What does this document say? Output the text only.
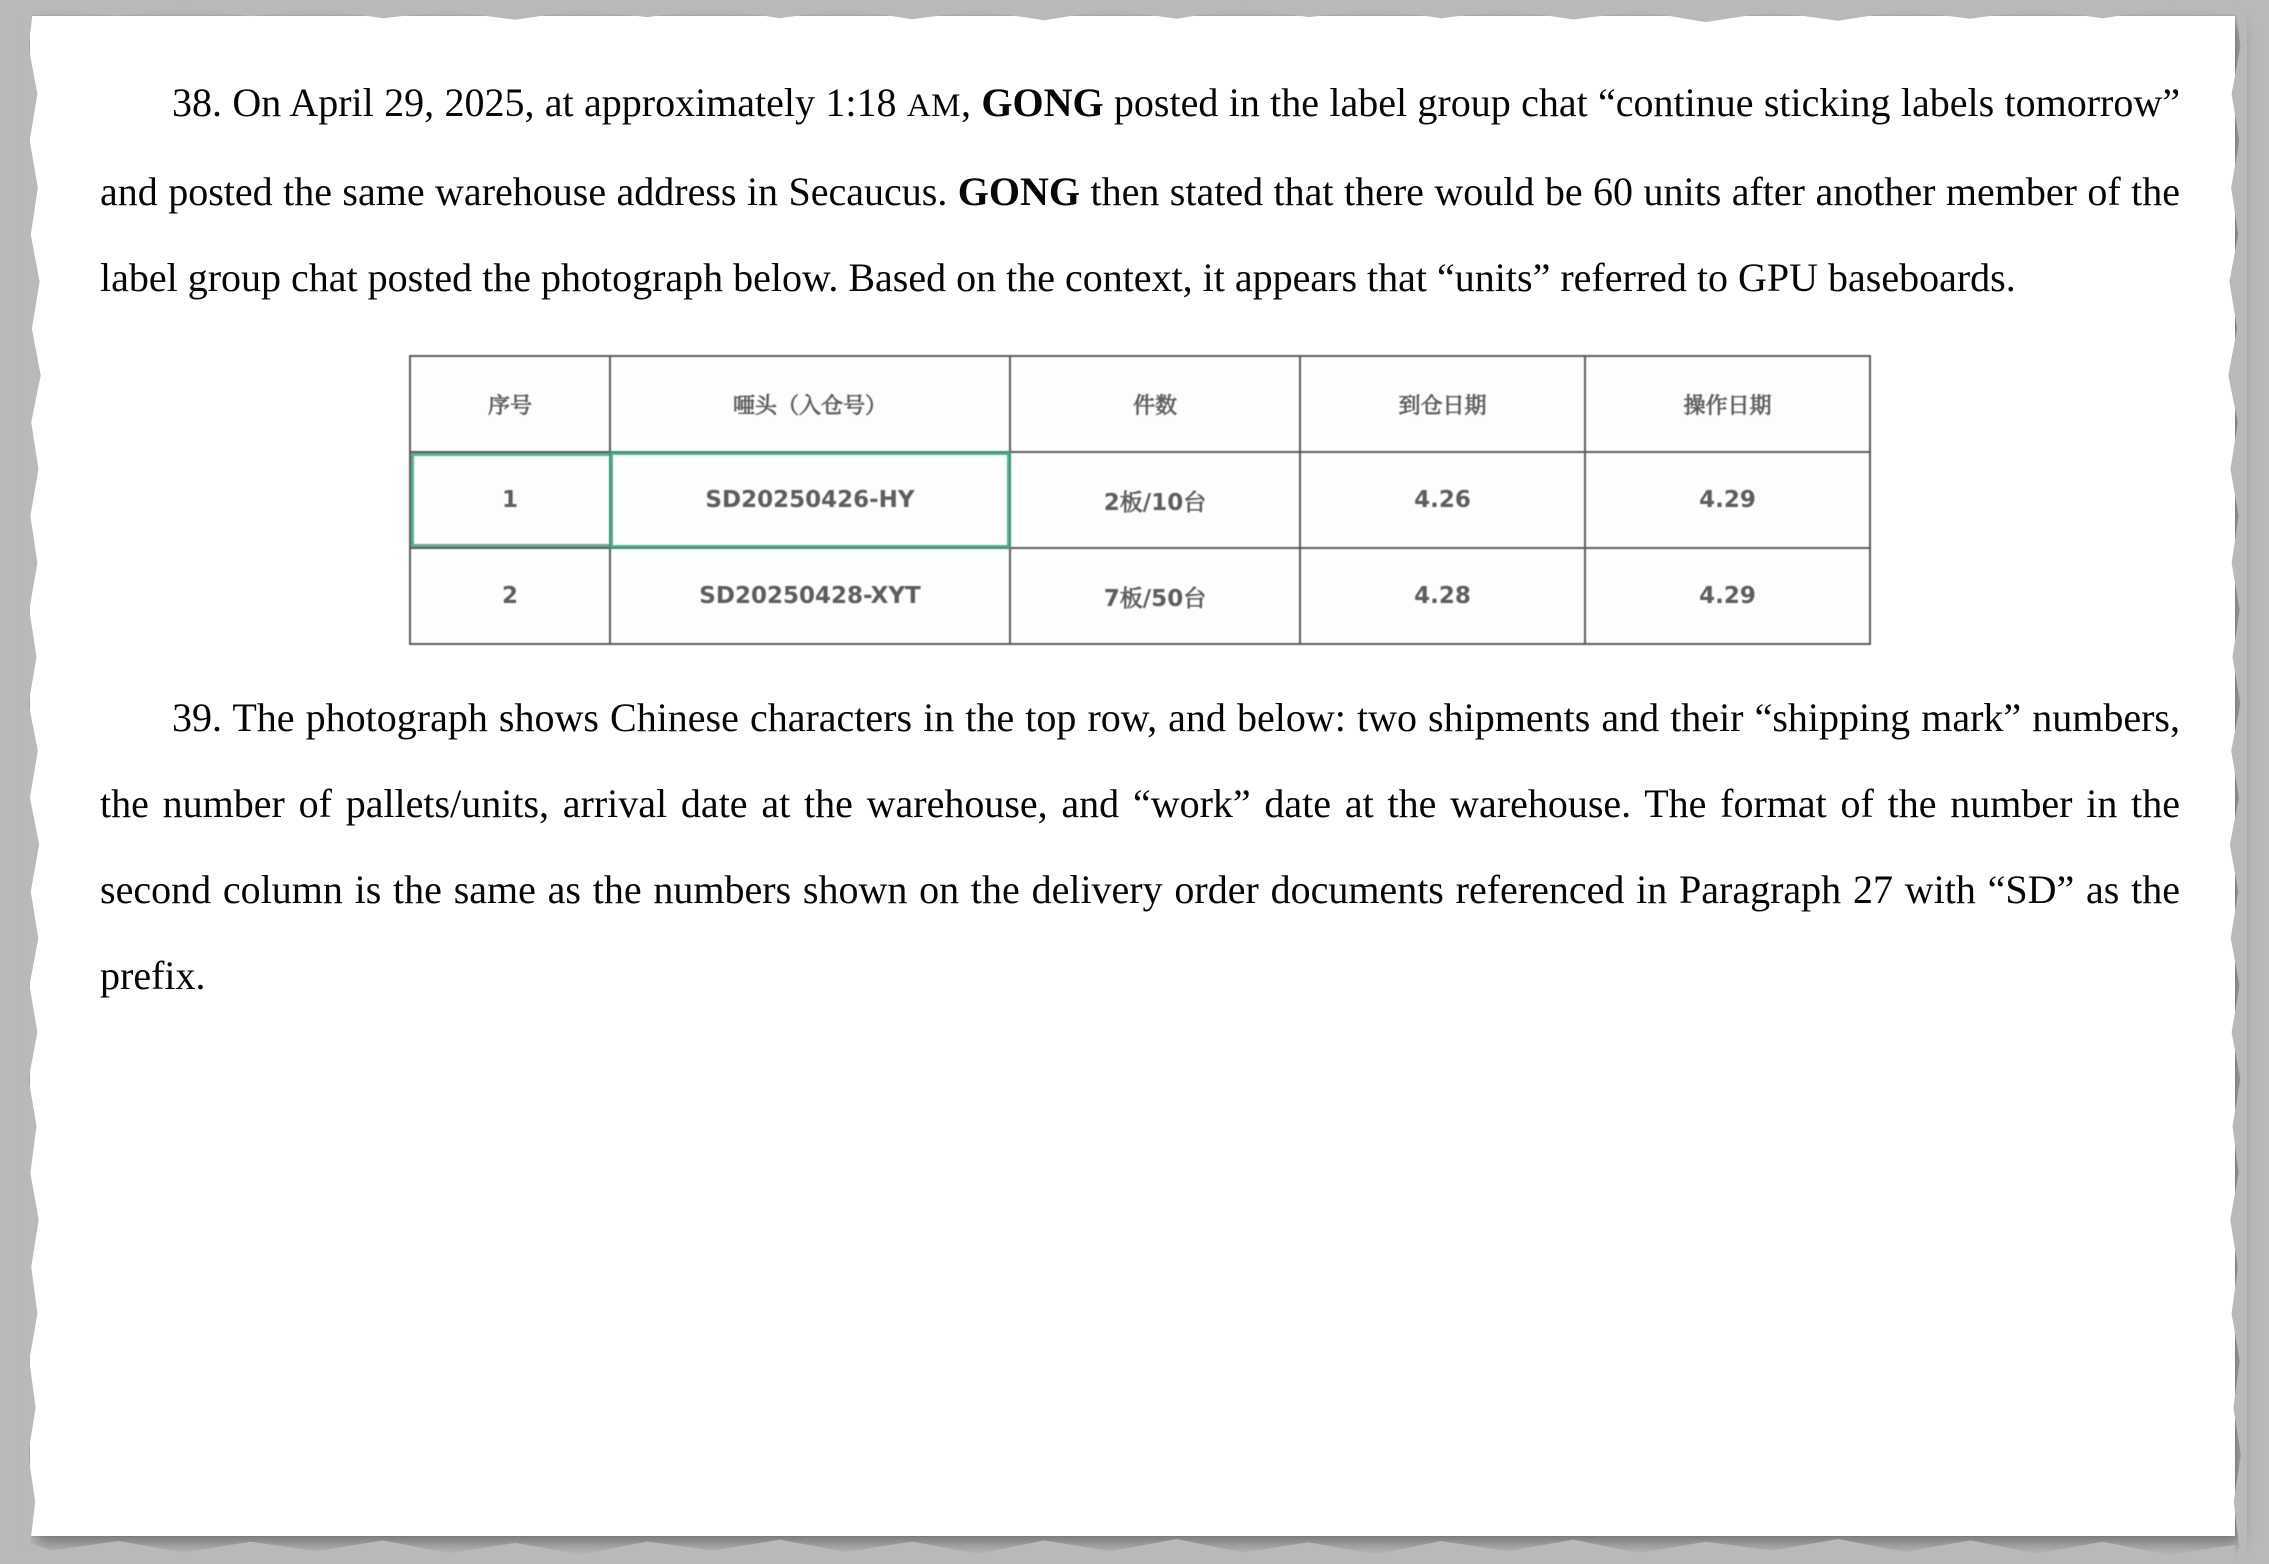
38. On April 29, 2025, at approximately 1:18 AM, GONG posted in the label group chat “continue sticking labels tomorrow” and posted the same warehouse address in Secaucus. GONG then stated that there would be 60 units after another member of the label group chat posted the photograph below. Based on the context, it appears that “units” referred to GPU baseboards.

序号	唖头（入仓号）	件数	到仓日期	操作日期
1	SD20250426-HY	2板/10台	4.26	4.29
2	SD20250428-XYT	7板/50台	4.28	4.29

39. The photograph shows Chinese characters in the top row, and below: two shipments and their “shipping mark” numbers, the number of pallets/units, arrival date at the warehouse, and “work” date at the warehouse. The format of the number in the second column is the same as the numbers shown on the delivery order documents referenced in Paragraph 27 with “SD” as the prefix.
